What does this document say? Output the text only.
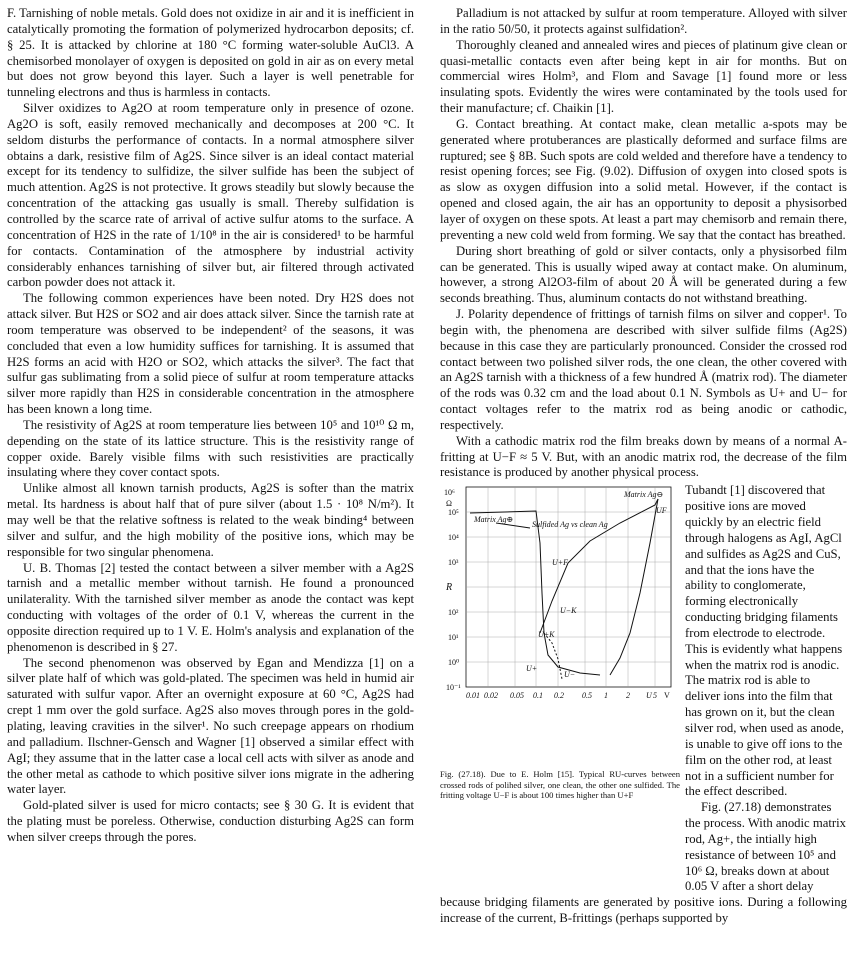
F. Tarnishing of noble metals. Gold does not oxidize in air and it is inefficient in catalytically promoting the formation of polymerized hydrocarbon deposits; cf. § 25. It is attacked by chlorine at 180 °C forming water-soluble AuCl3. A chemisorbed monolayer of oxygen is deposited on gold in air as on every metal but does not grow beyond this layer. Such a layer is well penetrable for tunneling electrons and thus is harmless in contacts.

Silver oxidizes to Ag2O at room temperature only in presence of ozone. Ag2O is soft, easily removed mechanically and decomposes at 200 °C. It seldom disturbs the performance of contacts. In a normal atmosphere silver obtains a dark, resistive film of Ag2S. Since silver is an ideal contact material except for its tendency to sulfidize, the silver sulfide has been the subject of much attention. Ag2S is not protective. It grows steadily but slowly because the concentration of the attacking gas usually is small. Thereby sulfidation is controlled by the scarce rate of arrival of active sulfur atoms to the surface. A concentration of H2S in the rate of 1/10⁸ in the air is considered¹ to be harmful for contacts. Contamination of the atmosphere by industrial activity considerably enhances tarnishing of silver but, air filtered through activated carbon powder does not attack it.

The following common experiences have been noted. Dry H2S does not attack silver. But H2S or SO2 and air does attack silver. Since the tarnish rate at room temperature was observed to be independent² of the seasons, it was concluded that even a low humidity suffices for tarnishing. It is assumed that H2S forms an acid with H2O or SO2, which attacks the silver³. The fact that sulfur gas sublimating from a solid piece of sulfur at room temperature attacks silver more rapidly than H2S in considerable concentration in the atmosphere has been known a long time.

The resistivity of Ag2S at room temperature lies between 10⁵ and 10¹⁰ Ω m, depending on the state of its lattice structure. This is the resistivity range of copper oxide. Barely visible films with such resistivities are practically insulating where they cover contact spots.

Unlike almost all known tarnish products, Ag2S is softer than the matrix metal. Its hardness is about half that of pure silver (about 1.5 · 10⁸ N/m²). It may well be that the relative softness is related to the weak binding⁴ between silver and sulfur, and the high mobility of the positive ions, which may be responsible for two singular phenomena.

U. B. Thomas [2] tested the contact between a silver member with a Ag2S tarnish and a metallic member without tarnish. He found a pronounced unilaterality. With the tarnished silver member as anode the contact was kept conducting with voltages of the order of 0.1 V, whereas the current in the opposite direction required up to 1 V. E. Holm's analysis and explanation of the phenomenon is described in § 27.

The second phenomenon was observed by Egan and Mendizza [1] on a silver plate half of which was gold-plated. The specimen was held in humid air saturated with sulfur vapor. After an overnight exposure at 60 °C, Ag2S had crept 1 mm over the gold surface. Ag2S also moves through pores in the gold-plating, leaving cravities in the silver¹. No such creepage appears on rhodium and palladium. Ilschner-Gensch and Wagner [1] observed a similar effect with AgI; they assume that in the latter case a local cell acts with silver as anode and the other metal as cathode to which positive silver ions migrate in the adhering water layer.

Gold-plated silver is used for micro contacts; see § 30 G. It is evident that the plating must be poreless. Otherwise, conduction disturbing Ag2S can form when silver creeps through the pores.

Palladium is not attacked by sulfur at room temperature. Alloyed with silver in the ratio 50/50, it protects against sulfidation².

Thoroughly cleaned and annealed wires and pieces of platinum give clean or quasi-metallic contacts even after being kept in air for months. But on commercial wires Holm³, and Flom and Savage [1] found more or less insulating spots. Evidently the wires were contaminated by the tools used for their manufacture; cf. Chaikin [1].

G. Contact breathing. At contact make, clean metallic a-spots may be generated where protuberances are plastically deformed and surface films are ruptured; see § 8B. Such spots are cold welded and therefore have a tendency to resist opening forces; see Fig. (9.02). Diffusion of oxygen into closed spots is as slow as oxygen diffusion into a solid metal. However, if the contact is opened and closed again, the air has an opportunity to deposit a physisorbed layer of oxygen on these spots. At least a part may chemisorb and remain there, preventing a new cold weld from forming. We say that the contact has breathed.

During short breathing of gold or silver contacts, only a physisorbed film can be generated. This is usually wiped away at contact make. On aluminum, however, a strong Al2O3-film of about 20 Å will be generated during a few seconds breathing. Thus, aluminum contacts do not withstand breathing.

J. Polarity dependence of frittings of tarnish films on silver and copper¹. To begin with, the phenomena are described with silver sulfide films (Ag2S) because in this case they are particularly pronounced. Consider the crossed rod contact between two polished silver rods, the one clean, the other covered with an Ag2S tarnish with a thickness of a few hundred Å (matrix rod). The diameter of the rods was 0.32 cm and the load about 0.1 N. Symbols as U+ and U− for contact voltages refer to the matrix rod as being anodic or cathodic, respectively.

With a cathodic matrix rod the film breaks down by means of a normal A-fritting at U−F ≈ 5 V. But, with an anodic matrix rod, the decrease of the film resistance is produced by another physical process.

10⁶
Ω
10⁵
10⁴
10³
R
10²
10¹
10⁰
10⁻¹
0.01 0.02 0.05 0.1 0.2 0.5 1 2 U 5 V
Matrix Ag⊕
Matrix Ag⊖
Sulfided Ag vs clean Ag
U+F
UF
U−K
U+K
U+
U−
Fig. (27.18). Due to E. Holm [15]. Typical RU-curves between crossed rods of polihed silver, one clean, the other one sulfided. The fritting voltage U−F is about 100 times higher than U+F

Tubandt [1] discovered that positive ions are moved quickly by an electric field through halogens as AgI, AgCl and sulfides as Ag2S and CuS, and that the ions have the ability to conglomerate, forming electronically conducting bridging filaments from electrode to electrode. This is evidently what happens when the matrix rod is anodic. The matrix rod is able to deliver ions into the film that has grown on it, but the clean silver rod, when used as anode, is unable to give off ions to the film on the other rod, at least not in a sufficient number for the effect described.

Fig. (27.18) demonstrates the process. With anodic matrix rod, Ag+, the intially high resistance of between 10⁵ and 10⁶ Ω, breaks down at about 0.05 V after a short delay

because bridging filaments are generated by positive ions. During a following increase of the current, B-frittings (perhaps supported by
